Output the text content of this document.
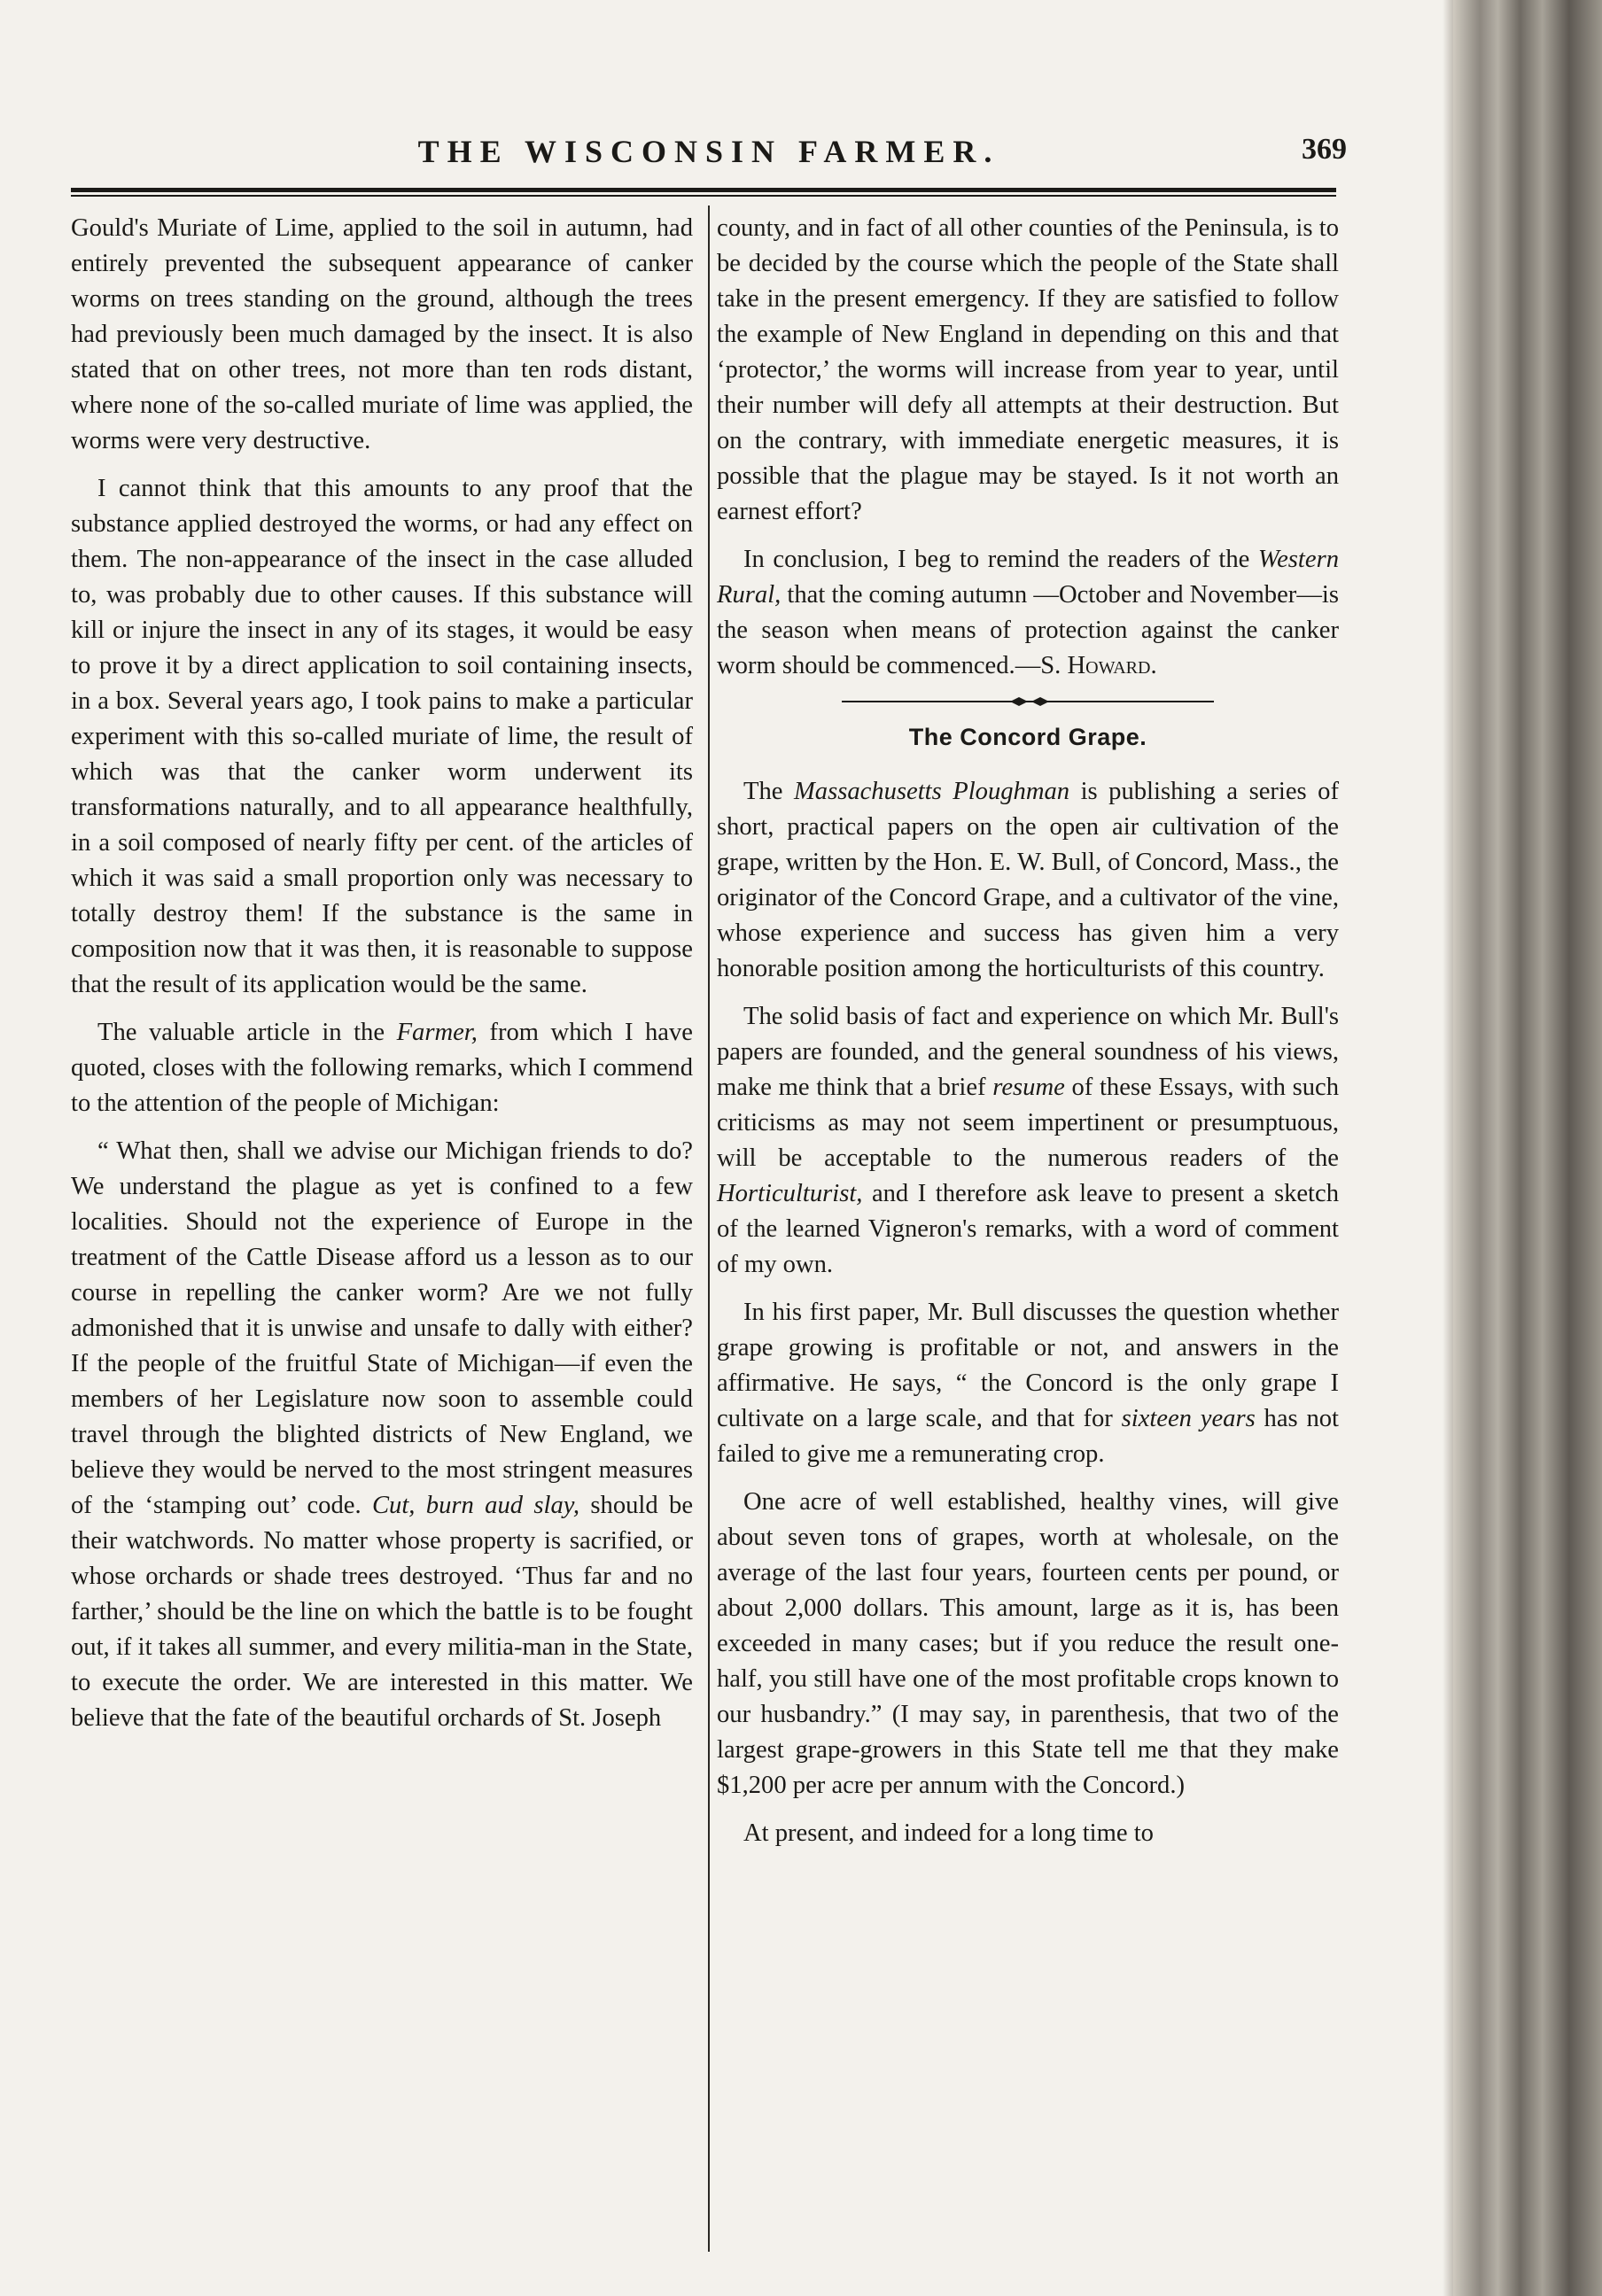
THE WISCONSIN FARMER.	369

Gould's Muriate of Lime, applied to the soil in autumn, had entirely prevented the subsequent appearance of canker worms on trees standing on the ground, although the trees had previously been much damaged by the insect. It is also stated that on other trees, not more than ten rods distant, where none of the so-called muriate of lime was applied, the worms were very destructive.

I cannot think that this amounts to any proof that the substance applied destroyed the worms, or had any effect on them. The non-appearance of the insect in the case alluded to, was probably due to other causes. If this substance will kill or injure the insect in any of its stages, it would be easy to prove it by a direct application to soil containing insects, in a box. Several years ago, I took pains to make a particular experiment with this so-called muriate of lime, the result of which was that the canker worm underwent its transformations naturally, and to all appearance healthfully, in a soil composed of nearly fifty per cent. of the articles of which it was said a small proportion only was necessary to totally destroy them! If the substance is the same in composition now that it was then, it is reasonable to suppose that the result of its application would be the same.

The valuable article in the Farmer, from which I have quoted, closes with the following remarks, which I commend to the attention of the people of Michigan:

“ What then, shall we advise our Michigan friends to do? We understand the plague as yet is confined to a few localities. Should not the experience of Europe in the treatment of the Cattle Disease afford us a lesson as to our course in repelling the canker worm? Are we not fully admonished that it is unwise and unsafe to dally with either? If the people of the fruitful State of Michigan—if even the members of her Legislature now soon to assemble could travel through the blighted districts of New England, we believe they would be nerved to the most stringent measures of the ‘stamping out’ code. Cut, burn aud slay, should be their watchwords. No matter whose property is sacrified, or whose orchards or shade trees destroyed. ‘Thus far and no farther,’ should be the line on which the battle is to be fought out, if it takes all summer, and every militia-man in the State, to execute the order. We are interested in this matter. We believe that the fate of the beautiful orchards of St. Joseph

county, and in fact of all other counties of the Peninsula, is to be decided by the course which the people of the State shall take in the present emergency. If they are satisfied to follow the example of New England in depending on this and that ‘protector,’ the worms will increase from year to year, until their number will defy all attempts at their destruction. But on the contrary, with immediate energetic measures, it is possible that the plague may be stayed. Is it not worth an earnest effort?

In conclusion, I beg to remind the readers of the Western Rural, that the coming autumn —October and November—is the season when means of protection against the canker worm should be commenced.—S. Howard.

The Concord Grape.

The Massachusetts Ploughman is publishing a series of short, practical papers on the open air cultivation of the grape, written by the Hon. E. W. Bull, of Concord, Mass., the originator of the Concord Grape, and a cultivator of the vine, whose experience and success has given him a very honorable position among the horticulturists of this country.

The solid basis of fact and experience on which Mr. Bull's papers are founded, and the general soundness of his views, make me think that a brief resume of these Essays, with such criticisms as may not seem impertinent or presumptuous, will be acceptable to the numerous readers of the Horticulturist, and I therefore ask leave to present a sketch of the learned Vigneron's remarks, with a word of comment of my own.

In his first paper, Mr. Bull discusses the question whether grape growing is profitable or not, and answers in the affirmative. He says, “ the Concord is the only grape I cultivate on a large scale, and that for sixteen years has not failed to give me a remunerating crop.

One acre of well established, healthy vines, will give about seven tons of grapes, worth at wholesale, on the average of the last four years, fourteen cents per pound, or about 2,000 dollars. This amount, large as it is, has been exceeded in many cases; but if you reduce the result one-half, you still have one of the most profitable crops known to our husbandry.” (I may say, in parenthesis, that two of the largest grape-growers in this State tell me that they make $1,200 per acre per annum with the Concord.)

At present, and indeed for a long time to
